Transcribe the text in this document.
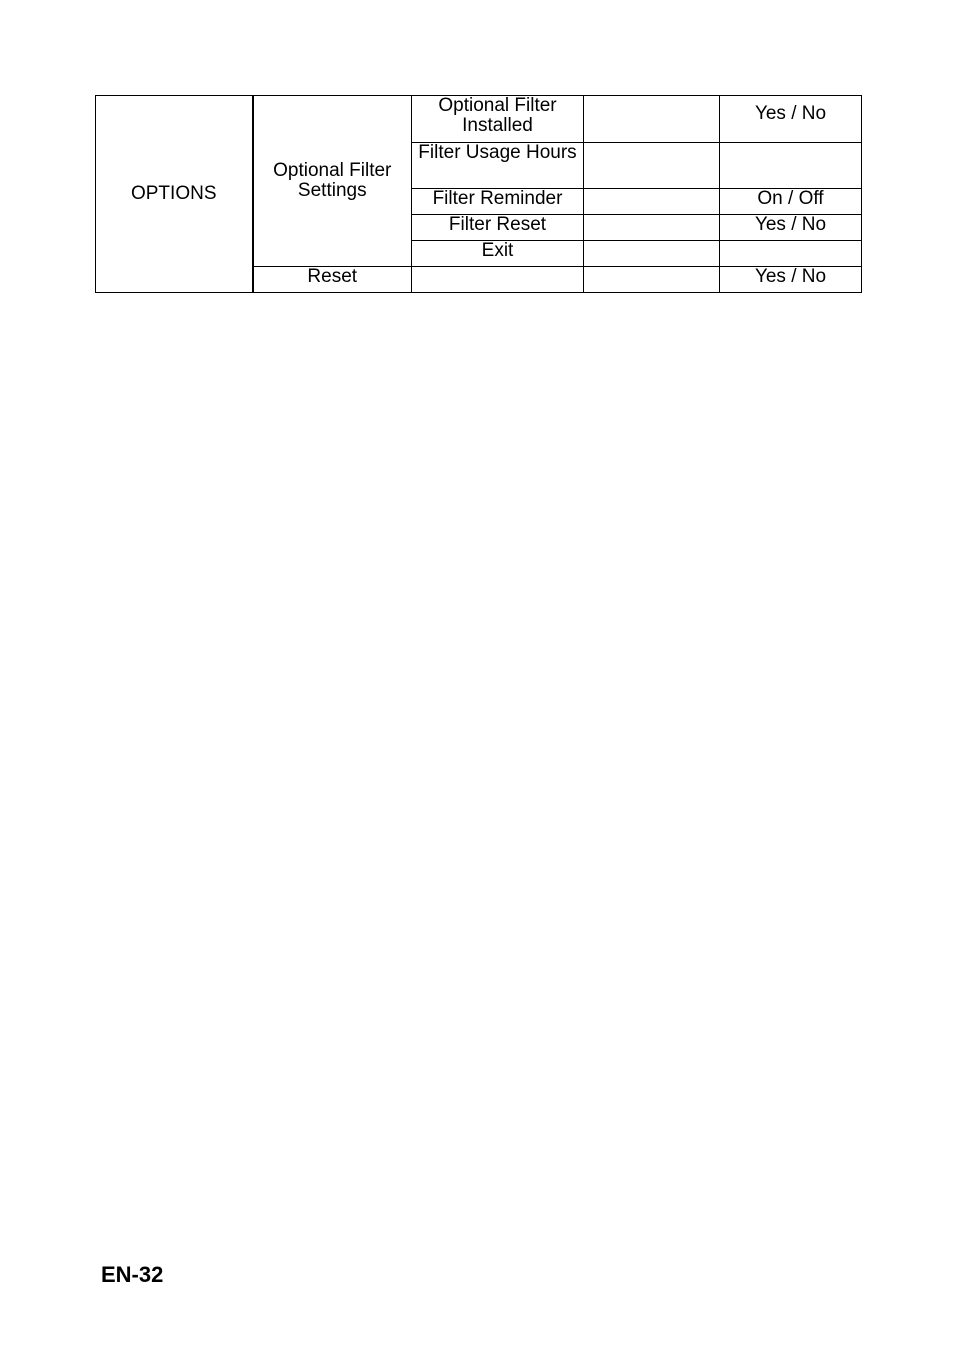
OPTIONS	Optional Filter Settings	Optional Filter Installed		Yes / No
		Filter Usage Hours		
		Filter Reminder		On / Off
		Filter Reset		Yes / No
		Exit		
	Reset			Yes / No

EN-32
